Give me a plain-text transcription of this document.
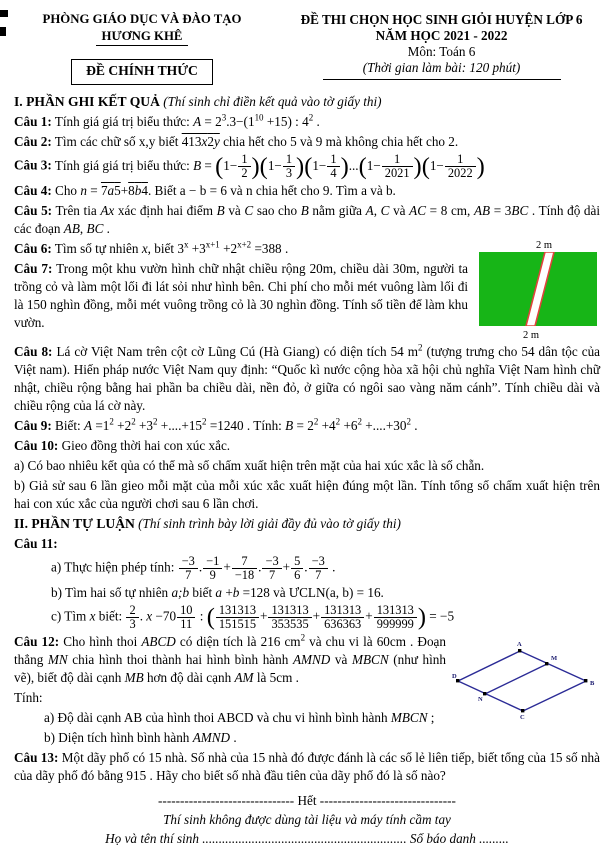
PHÒNG GIÁO DỤC VÀ ĐÀO TẠO
HƯƠNG KHÊ
ĐỀ CHÍNH THỨC
ĐỀ THI CHỌN HỌC SINH GIỎI HUYỆN LỚP 6
NĂM HỌC 2021 - 2022
Môn: Toán 6
(Thời gian làm bài: 120 phút)

I. PHẦN GHI KẾT QUẢ (Thí sinh chỉ điền kết quả vào tờ giấy thi)

Câu 1: Tính giá giá trị biểu thức: $A = 2^3.3-(1^{10} +15)$ : $4^2$ .

Câu 2: Tìm các chữ số x,y biết 413x2y chia hết cho 5 và 9 mà không chia hết cho 2.

Câu 3: Tính giá giá trị biểu thức: $B = (1- \frac{1}{2} )(1- \frac{1}{3} )(1- \frac{1}{4} )...(1- \frac{1}{2021} )(1- \frac{1}{2022}$ )

Câu 4: Cho n = 7a5+8b4. Biết a − b = 6 và n chia hết cho 9. Tìm a và b.

Câu 5: Trên tia Ax xác định hai điểm B và C sao cho B nằm giữa A, C và AC = 8 cm, AB = 3BC . Tính độ dài các đoạn AB, BC .

2 m
2 m

Câu 6: Tìm số tự nhiên x, biết $3^x +3^{x+1} +2^{x+2} =388$ .

Câu 7: Trong một khu vườn hình chữ nhật chiều rộng 20m, chiều dài 30m, người ta trồng cỏ và làm một lối đi lát sỏi như hình bên. Chi phí cho mỗi mét vuông làm lối đi là 150 nghìn đồng, mỗi mét vuông trồng cỏ là 30 nghìn đồng. Tính số tiền để làm khu vườn.

Câu 8: Lá cờ Việt Nam trên cột cờ Lũng Cú (Hà Giang) có diện tích 54 $m^2$ (tượng trưng cho 54 dân tộc của Việt nam). Hiến pháp nước Việt Nam quy định: “Quốc kì nước cộng hòa xã hội chủ nghĩa Việt Nam hình chữ nhật, chiều rộng bằng hai phần ba chiều dài, nền đỏ, ở giữa có ngôi sao vàng năm cánh”. Tính chiều dài và chiều rộng của lá cờ này.

Câu 9: Biết: $A =1^2 +2^2 +3^2 +....+15^2 =1240$ . Tính: $B = 2^2 +4^2 +6^2 +....+30^2$ .

Câu 10: Gieo đồng thời hai con xúc xắc.

a) Có bao nhiêu kết qủa có thể mà số chấm xuất hiện trên mặt của hai xúc xắc là số chẵn.

b) Giả sử sau 6 lần gieo mỗi mặt của mỗi xúc xắc xuất hiện đúng một lần. Tính tổng số chấm xuất hiện trên hai con xúc xắc của người chơi sau 6 lần chơi.

II. PHẦN TỰ LUẬN (Thí sinh trình bày lời giải đầy đủ vào tờ giấy thi)

Câu 11:

a) Thực hiện phép tính: $\frac{-3}{7}$ . $\frac{-1}{9} + \frac{7}{-18}$ . $\frac{-3}{7} + \frac{5}{6}$ . $\frac{-3}{7}$ .

b) Tìm hai số tự nhiên a;b biết a +b =128 và ƯCLN(a, b) = 16.

c) Tìm x biết: $\frac{2}{3}$ . $x -70 \frac{10}{11}$ : ( $\frac{131313}{151515} + \frac{131313}{353535} + \frac{131313}{636363} + \frac{131313}{999999}$ ) = −5

A
M
B
C
N
D

Câu 12: Cho hình thoi ABCD có diện tích là 216 $cm^2$ và chu vi là 60cm . Đoạn thẳng MN chia hình thoi thành hai hình bình hành AMND và MBCN (như hình vẽ), biết độ dài cạnh MB hơn độ dài cạnh AM là 5cm .

Tính:

a) Độ dài cạnh AB của hình thoi ABCD và chu vi hình bình hành MBCN ;

b) Diện tích hình bình hành AMND .

Câu 13: Một dãy phố có 15 nhà. Số nhà của 15 nhà đó được đánh là các số lẻ liên tiếp, biết tổng của 15 số nhà của dãy phố đó bằng 915 . Hãy cho biết số nhà đầu tiên của dãy phố đó là số nào?

------------------------------- Hết -------------------------------

Thí sinh không được dùng tài liệu và máy tính cầm tay

Họ và tên thí sinh .............................................................. Số báo danh .........
